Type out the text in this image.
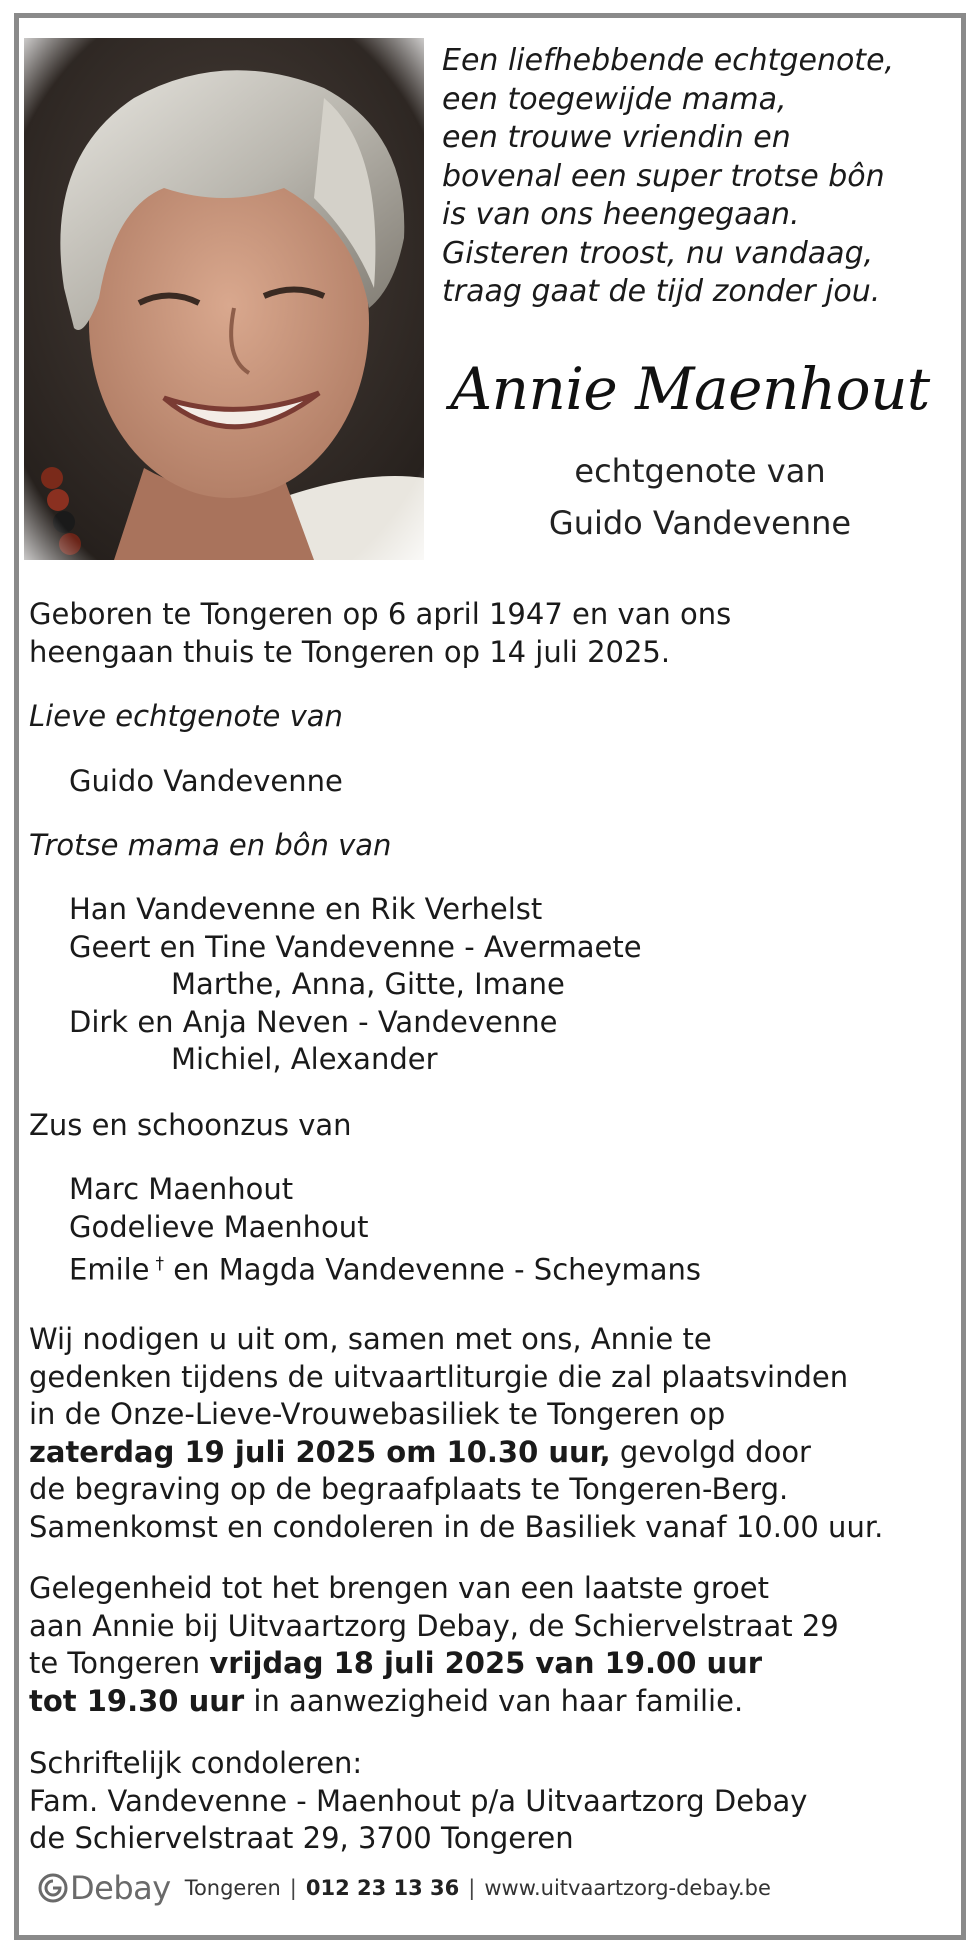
Een liefhebbende echtgenote,
een toegewijde mama,
een trouwe vriendin en
bovenal een super trotse bôn
is van ons heengegaan.
Gisteren troost, nu vandaag,
traag gaat de tijd zonder jou.
Annie Maenhout
echtgenote van
Guido Vandevenne
Geboren te Tongeren op 6 april 1947 en van ons
heengaan thuis te Tongeren op 14 juli 2025.
Lieve echtgenote van
Guido Vandevenne
Trotse mama en bôn van
Han Vandevenne en Rik Verhelst
Geert en Tine Vandevenne - Avermaete
Marthe, Anna, Gitte, Imane
Dirk en Anja Neven - Vandevenne
Michiel, Alexander
Zus en schoonzus van
Marc Maenhout
Godelieve Maenhout
Emile † en Magda Vandevenne - Scheymans
Wij nodigen u uit om, samen met ons, Annie te
gedenken tijdens de uitvaartliturgie die zal plaatsvinden
in de Onze-Lieve-Vrouwebasiliek te Tongeren op
zaterdag 19 juli 2025 om 10.30 uur, gevolgd door
de begraving op de begraafplaats te Tongeren-Berg.
Samenkomst en condoleren in de Basiliek vanaf 10.00 uur.
Gelegenheid tot het brengen van een laatste groet
aan Annie bij Uitvaartzorg Debay, de Schiervelstraat 29
te Tongeren vrijdag 18 juli 2025 van 19.00 uur
tot 19.30 uur in aanwezigheid van haar familie.
Schriftelijk condoleren:
Fam. Vandevenne - Maenhout p/a Uitvaartzorg Debay
de Schiervelstraat 29, 3700 Tongeren
Debay Tongeren | 012 23 13 36 | www.uitvaartzorg-debay.be
